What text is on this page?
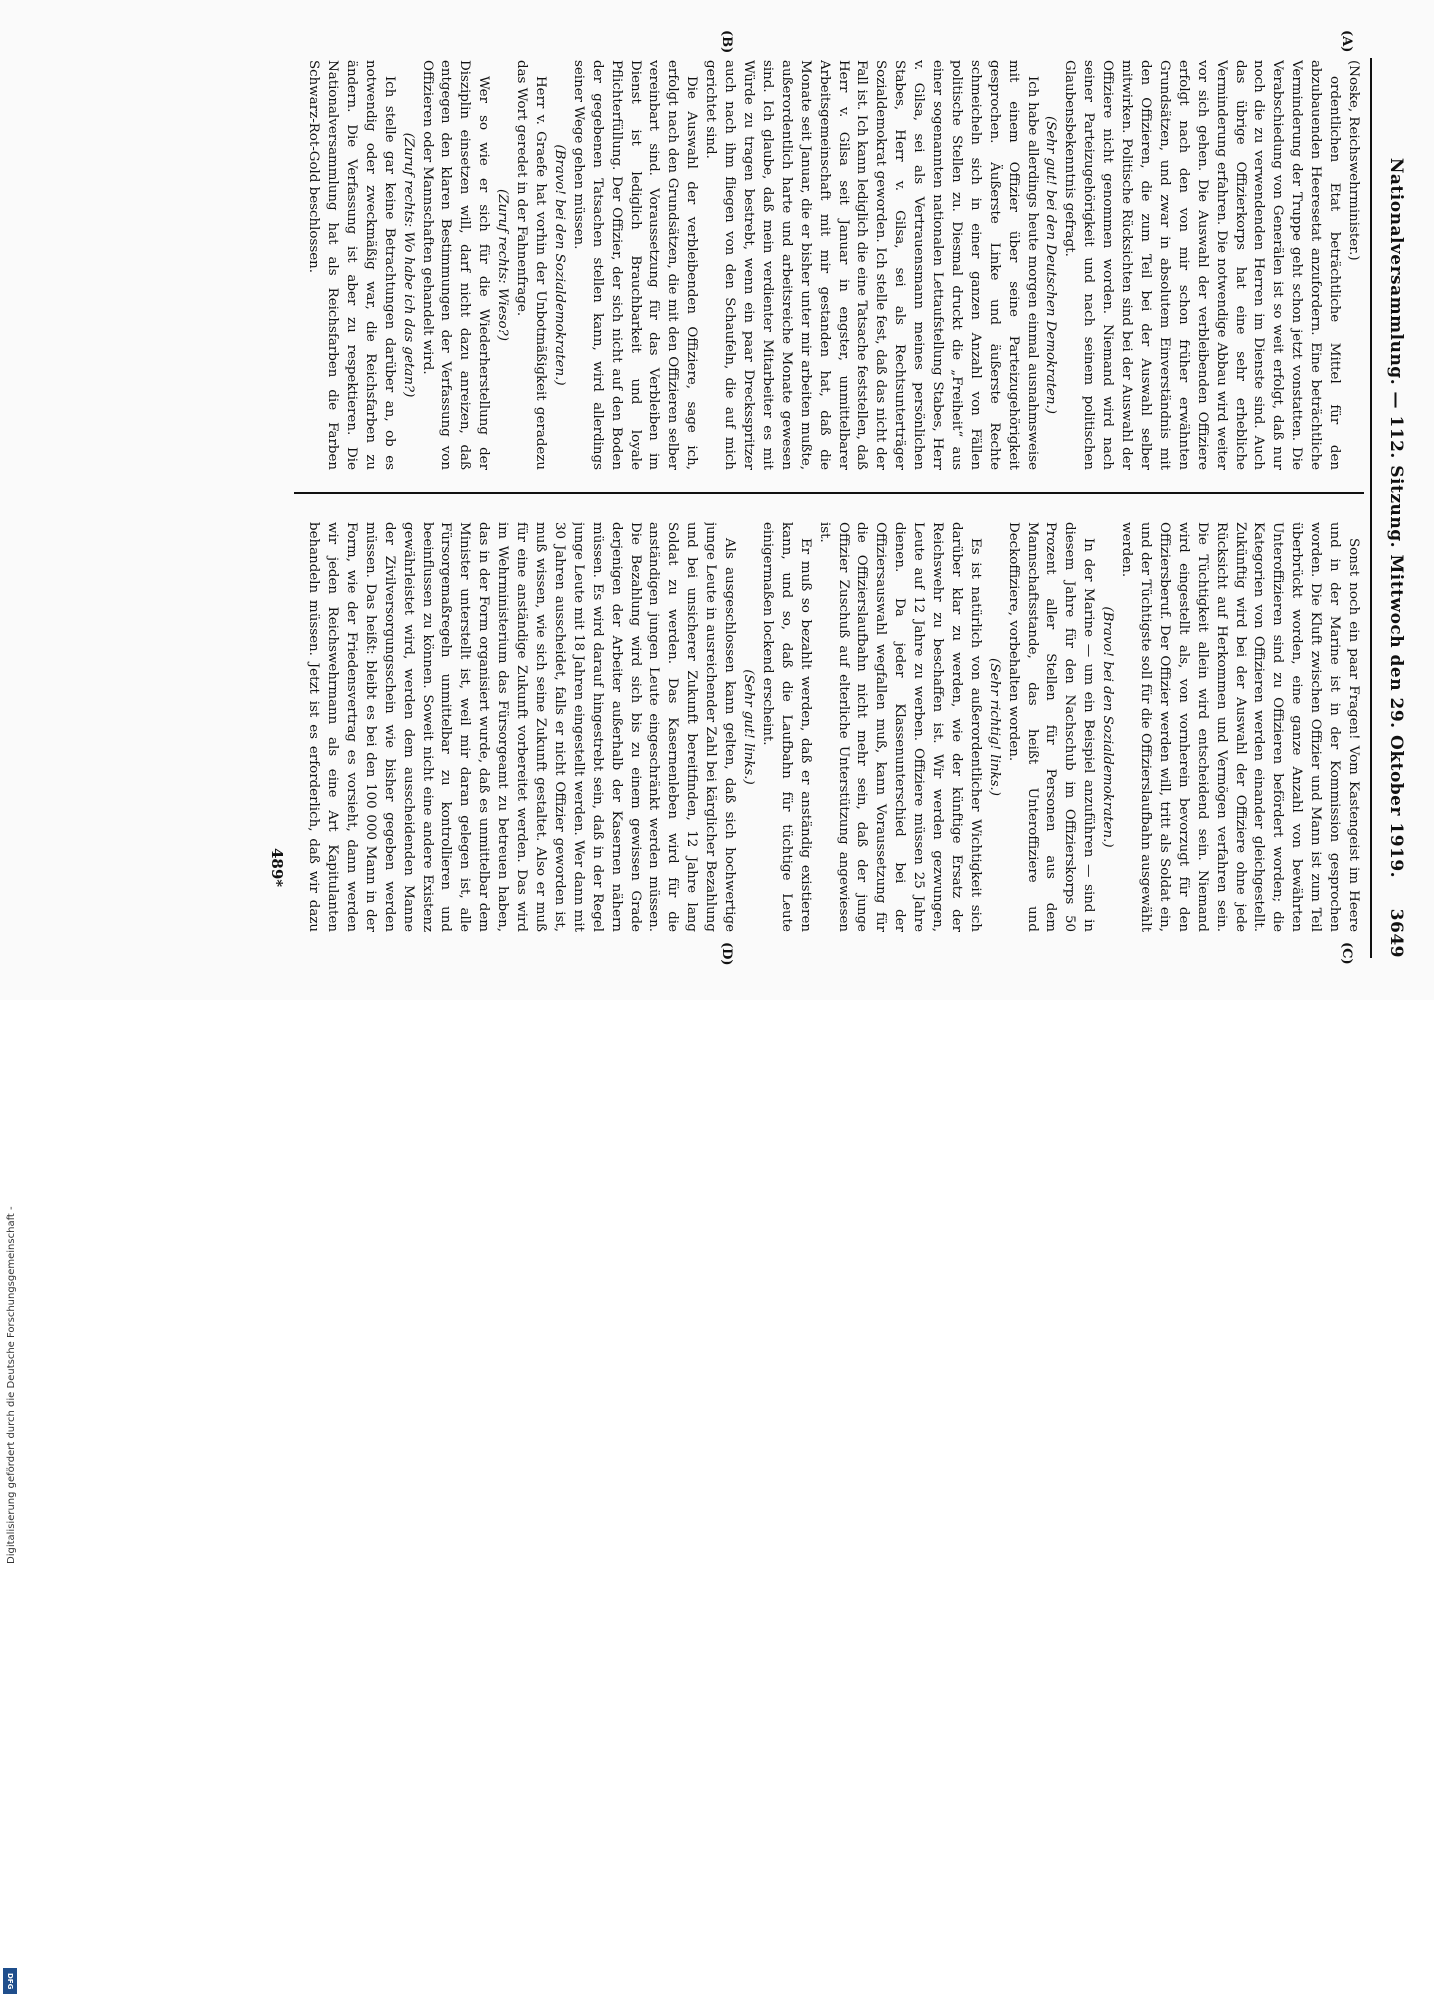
Nationalversammlung. — 112. Sitzung. Mittwoch den 29. Oktober 1919.
3649
(A)
(B)
(C)
(D)

(Noske, Reichswehrminister.)

ordentlichen Etat beträchtliche Mittel für den abzubauenden Heeresetat anzufordern. Eine beträchtliche Verminderung der Truppe geht schon jetzt vonstatten. Die Verabschiedung von Generälen ist so weit erfolgt, daß nur noch die zu verwendenden Herren im Dienste sind. Auch das übrige Offizierkorps hat eine sehr erhebliche Verminderung erfahren. Die notwendige Abbau wird weiter vor sich gehen. Die Auswahl der verbleibenden Offiziere erfolgt nach den von mir schon früher erwähnten Grundsätzen, und zwar in absolutem Einverständnis mit den Offizieren, die zum Teil bei der Auswahl selber mitwirken. Politische Rücksichten sind bei der Auswahl der Offiziere nicht genommen worden. Niemand wird nach seiner Parteizugehörigkeit und nach seinem politischen Glaubensbekenntnis gefragt.

(Sehr gut! bei den Deutschen Demokraten.)

Ich habe allerdings heute morgen einmal ausnahmsweise mit einem Offizier über seine Parteizugehörigkeit gesprochen. Äußerste Linke und äußerste Rechte schmeicheln sich in einer ganzen Anzahl von Fällen politische Stellen zu. Diesmal druckt die „Freiheit“ aus einer sogenannten nationalen Lettaufstellung Stabes, Herr v. Gilsa, sei als Vertrauensmann meines persönlichen Stabes, Herr v. Gilsa, sei als Rechtsunterträger Sozialdemokrat geworden. Ich stelle fest, daß das nicht der Fall ist. Ich kann lediglich die eine Tatsache feststellen, daß Herr v. Gilsa seit Januar in engster, unmittelbarer Arbeitsgemeinschaft mit mir gestanden hat, daß die Monate seit Januar, die er bisher unter mir arbeiten mußte, außerordentlich harte und arbeitsreiche Monate gewesen sind. Ich glaube, daß mein verdienter Mitarbeiter es mit Würde zu tragen bestrebt, wenn ein paar Drecksspritzer auch nach ihm fliegen von den Schaufeln, die auf mich gerichtet sind.

Die Auswahl der verbleibenden Offiziere, sage ich, erfolgt nach den Grundsätzen, die mit den Offizieren selber vereinbart sind. Voraussetzung für das Verbleiben im Dienst ist lediglich Brauchbarkeit und loyale Pflichterfüllung. Der Offizier, der sich nicht auf den Boden der gegebenen Tatsachen stellen kann, wird allerdings seiner Wege gehen müssen.

(Bravo! bei den Sozialdemokraten.)

Herr v. Graefe hat vorhin der Unbotmäßigkeit geradezu das Wort geredet in der Fahnenfrage.

(Zuruf rechts: Wieso?)

Wer so wie er sich für die Wiederherstellung der Disziplin einsetzen will, darf nicht dazu anreizen, daß entgegen den klaren Bestimmungen der Verfassung von Offizieren oder Mannschaften gehandelt wird.

(Zuruf rechts: Wo habe ich das getan?)

Ich stelle gar keine Betrachtungen darüber an, ob es notwendig oder zweckmäßig war, die Reichsfarben zu ändern. Die Verfassung ist aber zu respektieren. Die Nationalversammlung hat als Reichsfarben die Farben Schwarz-Rot-Gold beschlossen.

Sonst noch ein paar Fragen! Vom Kastengeist im Heere und in der Marine ist in der Kommission gesprochen worden. Die Kluft zwischen Offizier und Mann ist zum Teil überbrückt worden, eine ganze Anzahl von bewährten Unteroffizieren sind zu Offizieren befördert worden; die Kategorien von Offizieren werden einander gleichgestellt. Zukünftig wird bei der Auswahl der Offiziere ohne jede Rücksicht auf Herkommen und Vermögen verfahren sein. Die Tüchtigkeit allein wird entscheidend sein. Niemand wird eingestellt als, von vornherein bevorzugt für den Offiziersberuf. Der Offizier werden will, tritt als Soldat ein, und der Tüchtigste soll für die Offizierslaufbahn ausgewählt werden.

(Bravo! bei den Sozialdemokraten.)

In der Marine — um ein Beispiel anzuführen — sind in diesem Jahre für den Nachschub im Offizierskorps 50 Prozent aller Stellen für Personen aus dem Mannschaftsstande, das heißt Unteroffiziere und Deckoffiziere, vorbehalten worden.

(Sehr richtig! links.)

Es ist natürlich von außerordentlicher Wichtigkeit sich darüber klar zu werden, wie der künftige Ersatz der Reichswehr zu beschaffen ist. Wir werden gezwungen, Leute auf 12 Jahre zu werben. Offiziere müssen 25 Jahre dienen. Da jeder Klassenunterschied bei der Offiziersauswahl wegfallen muß, kann Voraussetzung für die Offizierslaufbahn nicht mehr sein, daß der junge Offizier Zuschuß auf elterliche Unterstützung angewiesen ist.

Er muß so bezahlt werden, daß er anständig existieren kann, und so, daß die Laufbahn für tüchtige Leute einigermaßen lockend erscheint.

(Sehr gut! links.)

Als ausgeschlossen kann gelten, daß sich hochwertige junge Leute in ausreichender Zahl bei kärglicher Bezahlung und bei unsicherer Zukunft bereitfinden, 12 Jahre lang Soldat zu werden. Das Kasernenleben wird für die anständigen jungen Leute eingeschränkt werden müssen. Die Bezahlung wird sich bis zu einem gewissen Grade derjenigen der Arbeiter außerhalb der Kasernen nähern müssen. Es wird darauf hingestrebt sein, daß in der Regel junge Leute mit 18 Jahren eingestellt werden. Wer dann mit 30 Jahren ausscheidet, falls er nicht Offizier geworden ist, muß wissen, wie sich seine Zukunft gestaltet. Also er muß für eine anständige Zukunft vorbereitet werden. Das wird im Wehrministerium das Fürsorgeamt zu betreuen haben, das in der Form organisiert wurde, daß es unmittelbar dem Minister unterstellt ist, weil mir daran gelegen ist, alle Fürsorgemaßregeln unmittelbar zu kontrollieren und beeinflussen zu können. Soweit nicht eine andere Existenz gewährleistet wird, werden dem ausscheidenden Manne der Zivilversorgungsschein wie bisher gegeben werden müssen. Das heißt: bleibt es bei den 100 000 Mann in der Form, wie der Friedensvertrag es vorsieht, dann werden wir jeden Reichswehrmann als eine Art Kapitulanten behandeln müssen. Jetzt ist es erforderlich, daß wir dazu

489*
Digitalisierung gefördert durch die Deutsche Forschungsgemeinschaft -
DFG
